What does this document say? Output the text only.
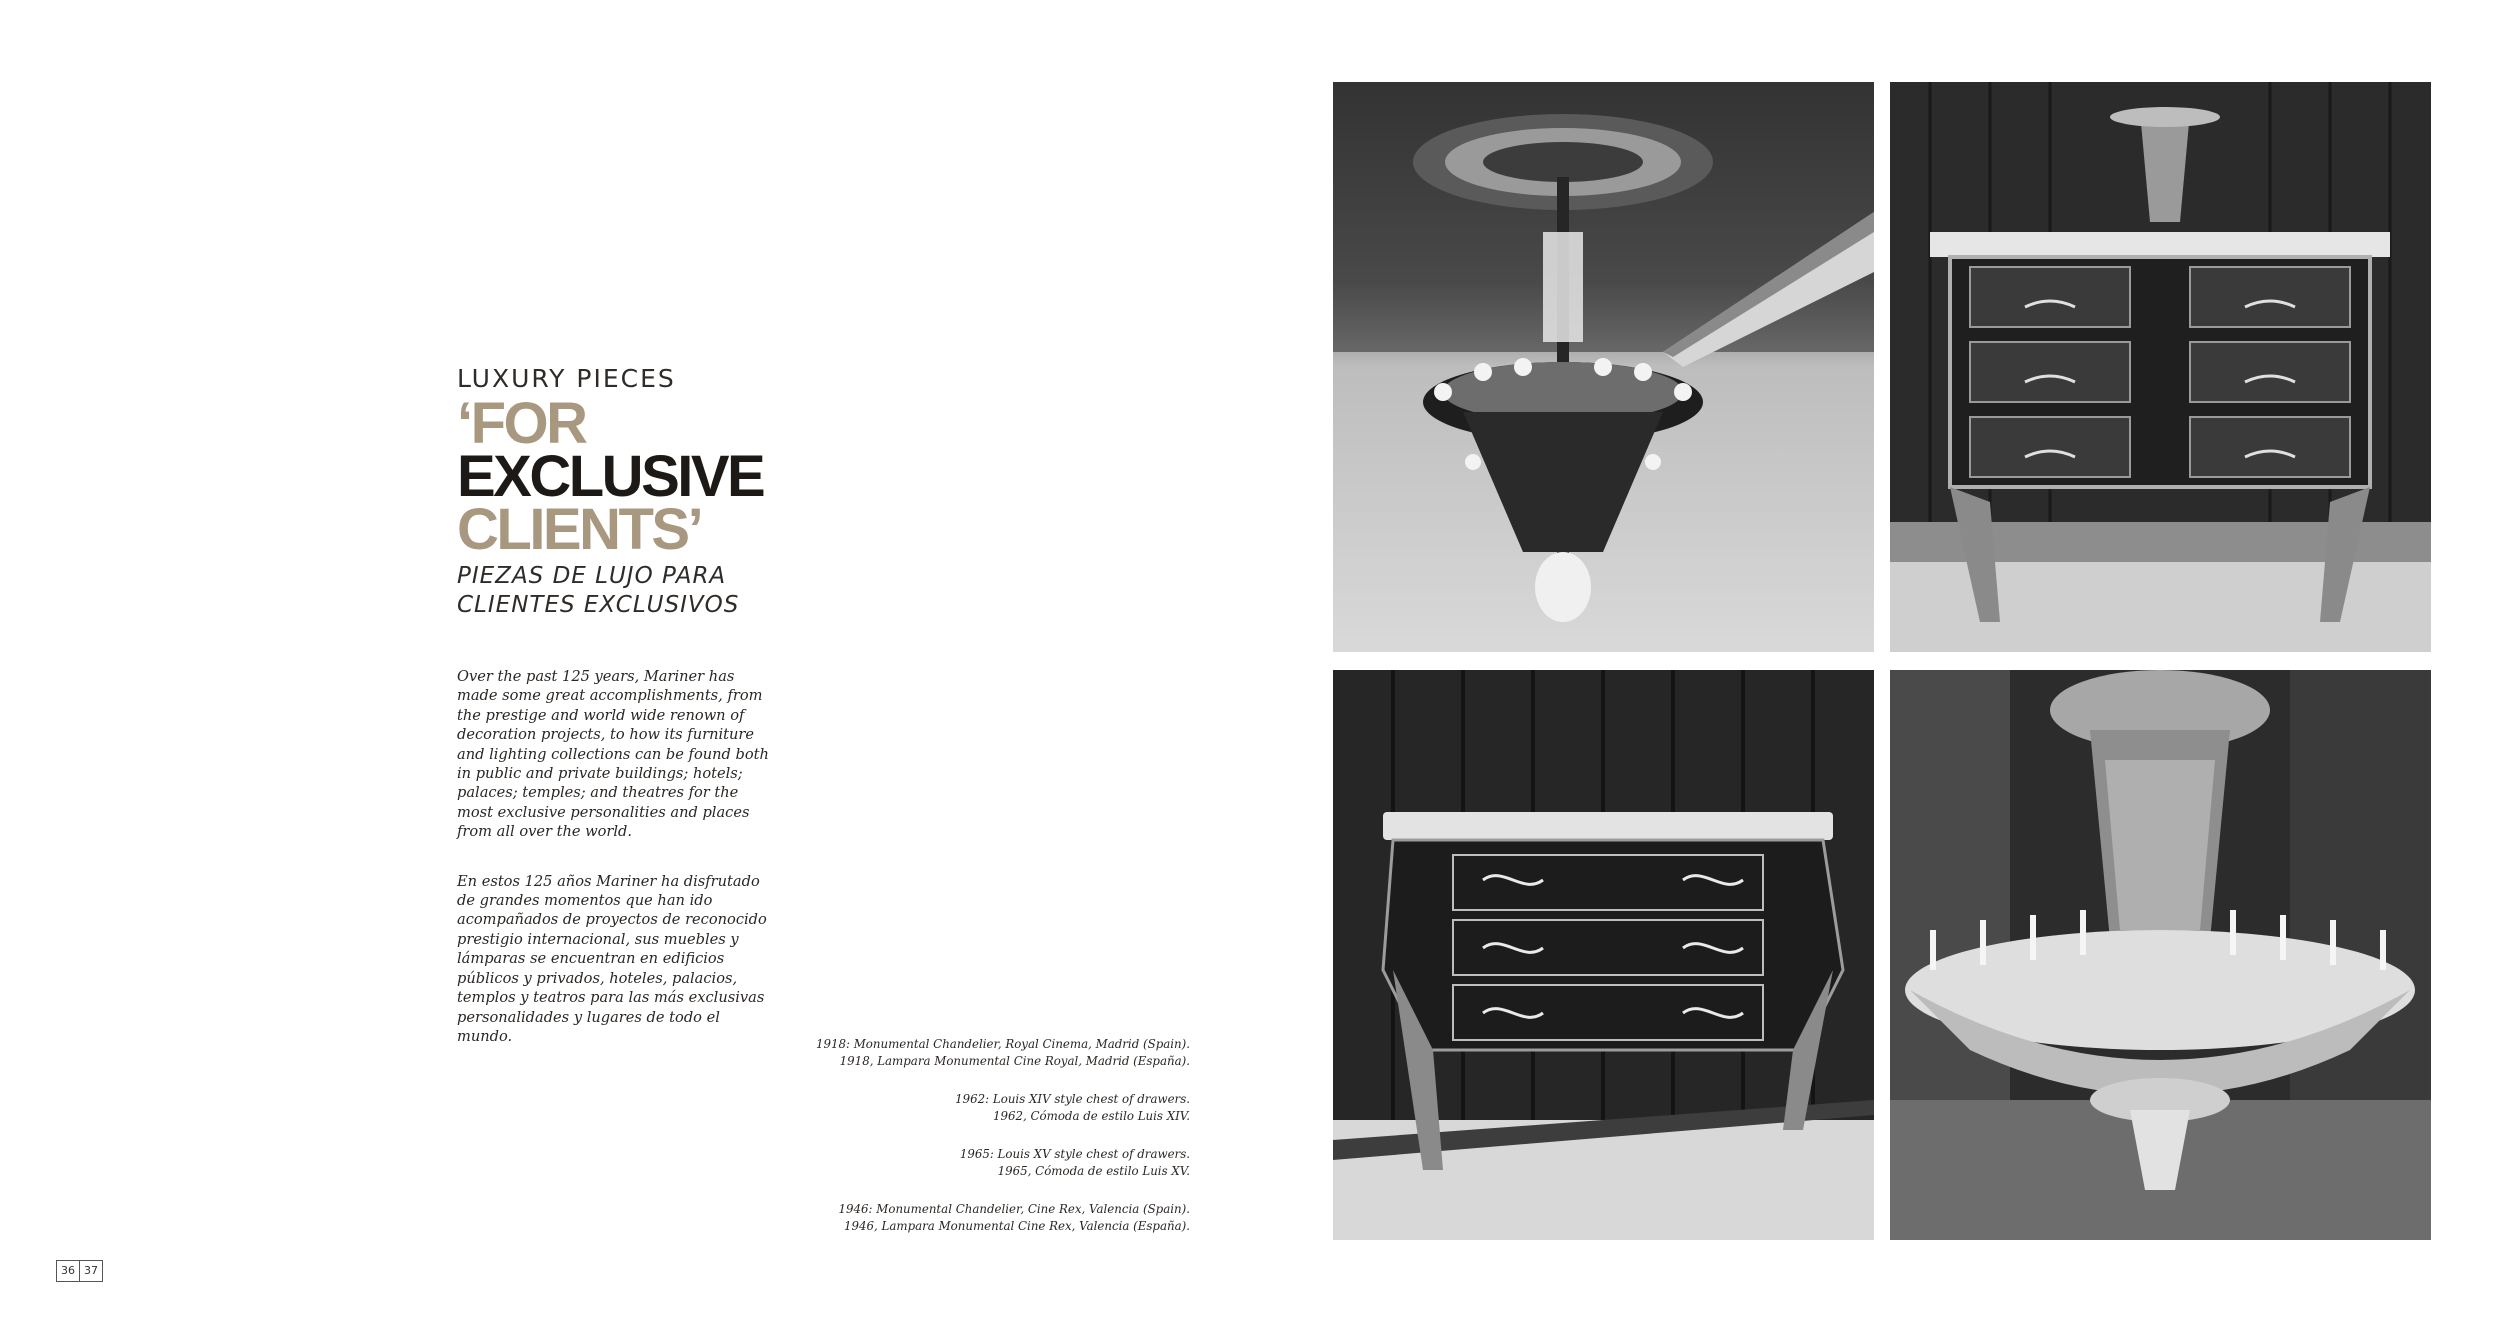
LUXURY PIECES
‘FOR
EXCLUSIVE
CLIENTS’
PIEZAS DE LUJO PARA
CLIENTES EXCLUSIVOS

Over the past 125 years, Mariner has made some great accomplishments, from the prestige and world wide renown of decoration projects, to how its furniture and lighting collections can be found both in public and private buildings; hotels; palaces; temples; and theatres for the most exclusive personalities and places from all over the world.

En estos 125 años Mariner ha disfrutado de grandes momentos que han ido acompañados de proyectos de reconocido prestigio internacional, sus muebles y lámparas se encuentran en edificios públicos y privados, hoteles, palacios, templos y teatros para las más exclusivas personalidades y lugares de todo el mundo.	1918: Monumental Chandelier, Royal Cinema, Madrid (Spain).
1918, Lampara Monumental Cine Royal, Madrid (España).
1962: Louis XIV style chest of drawers.
1962, Cómoda de estilo Luis XIV.
1965: Louis XV style chest of drawers.
1965, Cómoda de estilo Luis XV.
1946: Monumental Chandelier, Cine Rex, Valencia (Spain).
1946, Lampara Monumental Cine Rex, Valencia (España).
36 37
